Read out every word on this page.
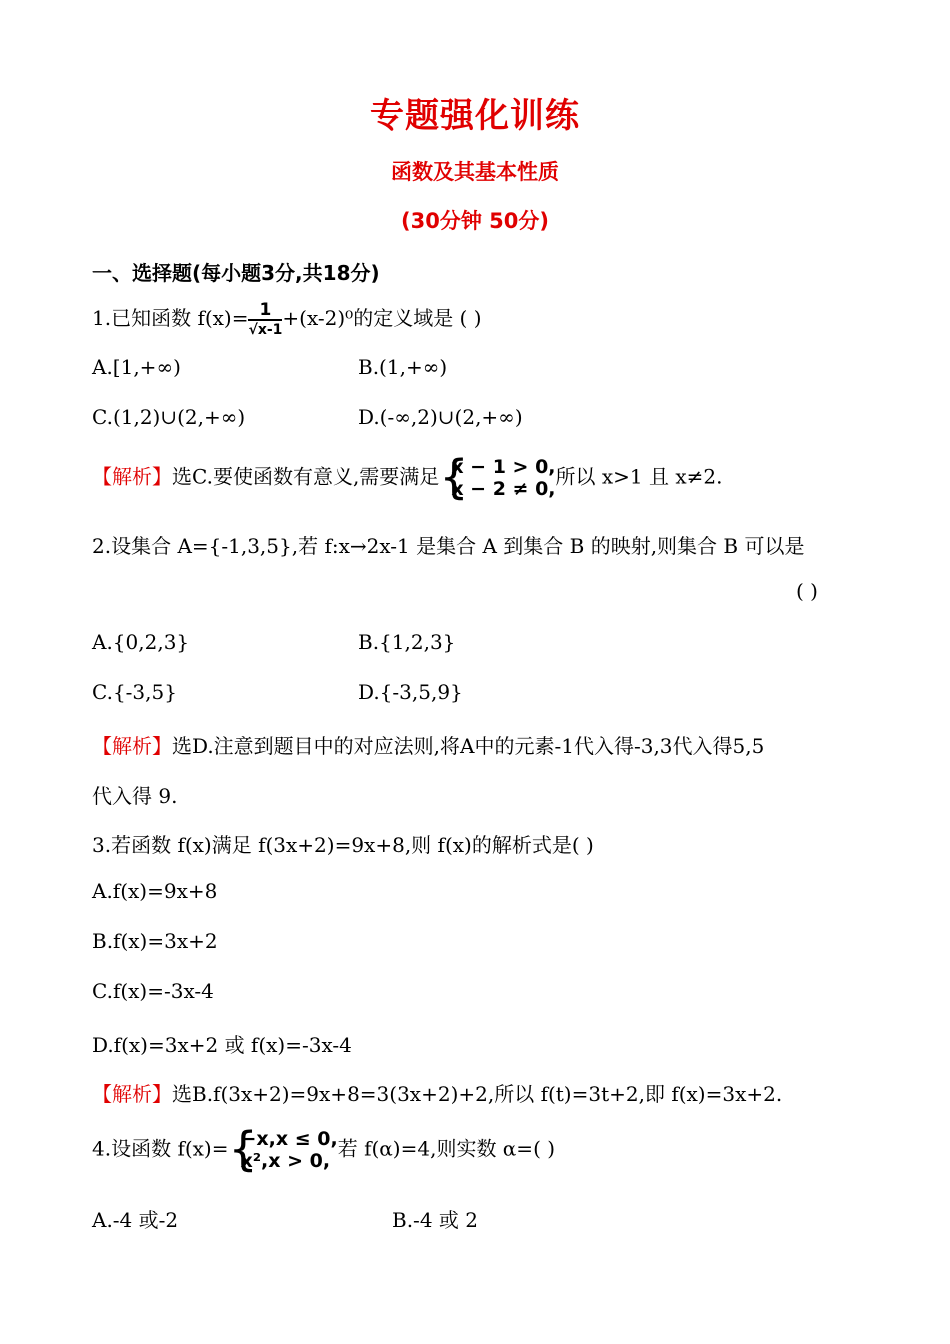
专题强化训练
函数及其基本性质
(30分钟 50分)
一、选择题(每小题3分,共18分)
1.已知函数 $f(x)= \frac{1}{√x-1} +(x-2)^0$的定义域是 ( )
A.[1,+∞)	B.(1,+∞)
C.(1,2)∪(2,+∞)	D.(-∞,2)∪(2,+∞)
【解析】选C.要使函数有意义,需要满足 {
x − 1 > 0,
x − 2 ≠ 0,
所以 x>1 且 x≠2.
2.设集合 A={-1,3,5},若 f:x→2x-1 是集合 A 到集合 B 的映射,则集合 B 可以是
( )
A.{0,2,3}	B.{1,2,3}
C.{-3,5}	D.{-3,5,9}
【解析】选D.注意到题目中的对应法则,将A中的元素-1代入得-3,3代入得5,5
代入得 9.
3.若函数 f(x)满足 f(3x+2)=9x+8,则 f(x)的解析式是( )
A.f(x)=9x+8
B.f(x)=3x+2
C.f(x)=-3x-4
D.f(x)=3x+2 或 f(x)=-3x-4
【解析】选B.f(3x+2)=9x+8=3(3x+2)+2,所以 f(t)=3t+2,即 f(x)=3x+2.
4.设函数 f(x)= {
−x,x ≤ 0,
x²,x > 0,
若 f(α)=4,则实数 α=( )
A.-4 或-2	B.-4 或 2
